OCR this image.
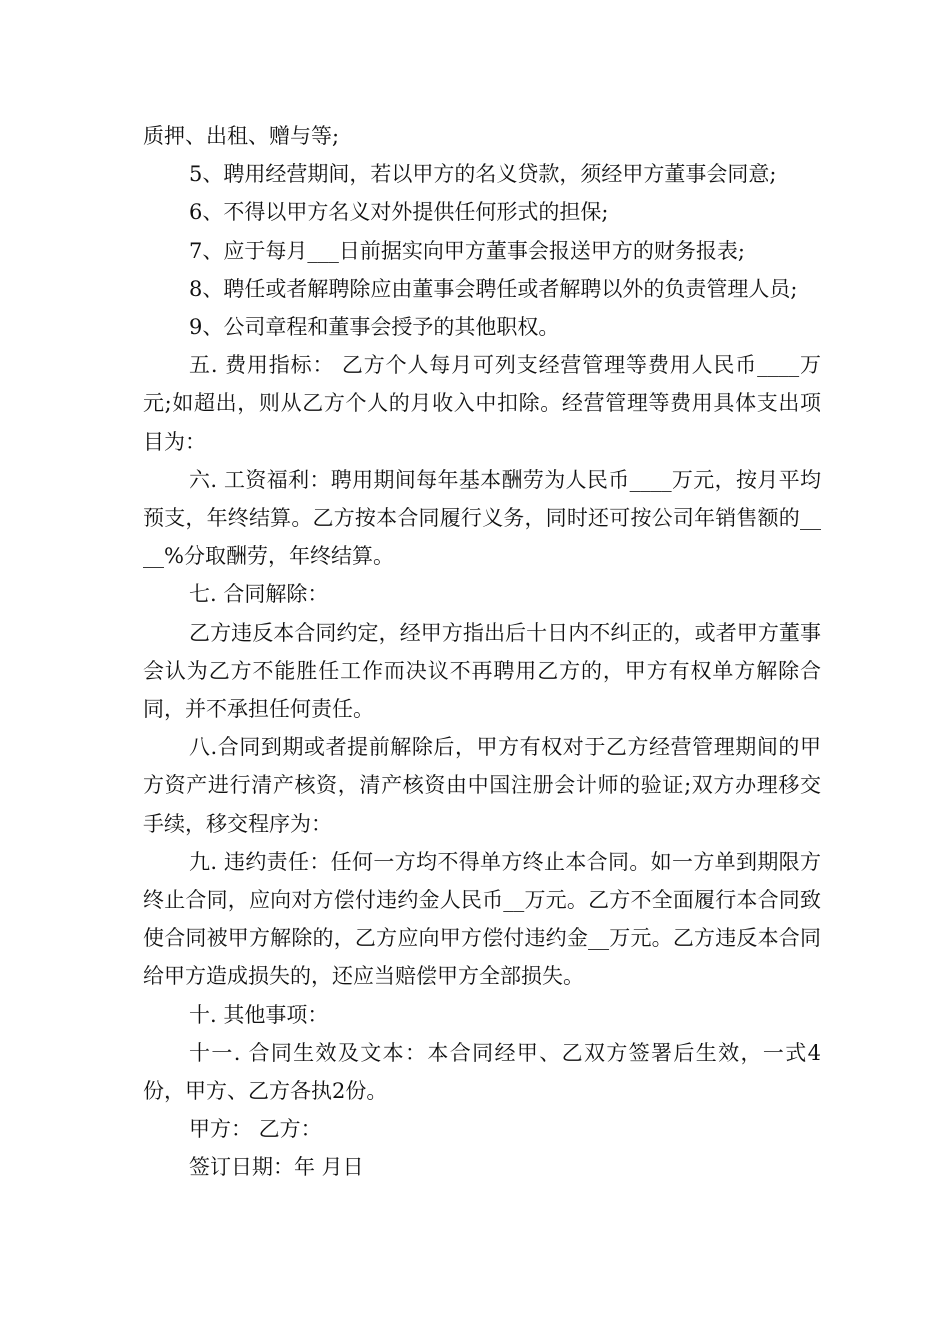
质押、出租、赠与等;

5、聘用经营期间，若以甲方的名义贷款，须经甲方董事会同意;

6、不得以甲方名义对外提供任何形式的担保;

7、应于每月___日前据实向甲方董事会报送甲方的财务报表;

8、聘任或者解聘除应由董事会聘任或者解聘以外的负责管理人员;

9、公司章程和董事会授予的其他职权。

五. 费用指标： 乙方个人每月可列支经营管理等费用人民币____万元;如超出，则从乙方个人的月收入中扣除。经营管理等费用具体支出项目为：

六. 工资福利：聘用期间每年基本酬劳为人民币____万元，按月平均预支，年终结算。乙方按本合同履行义务，同时还可按公司年销售额的____%分取酬劳，年终结算。

七. 合同解除：

乙方违反本合同约定，经甲方指出后十日内不纠正的，或者甲方董事会认为乙方不能胜任工作而决议不再聘用乙方的，甲方有权单方解除合同，并不承担任何责任。

八.合同到期或者提前解除后，甲方有权对于乙方经营管理期间的甲方资产进行清产核资，清产核资由中国注册会计师的验证;双方办理移交手续，移交程序为：

九. 违约责任：任何一方均不得单方终止本合同。如一方单到期限方终止合同，应向对方偿付违约金人民币__万元。乙方不全面履行本合同致使合同被甲方解除的，乙方应向甲方偿付违约金__万元。乙方违反本合同给甲方造成损失的，还应当赔偿甲方全部损失。

十. 其他事项：

十一. 合同生效及文本：本合同经甲、乙双方签署后生效，一式4份，甲方、乙方各执2份。

甲方： 乙方：

签订日期：年 月日
